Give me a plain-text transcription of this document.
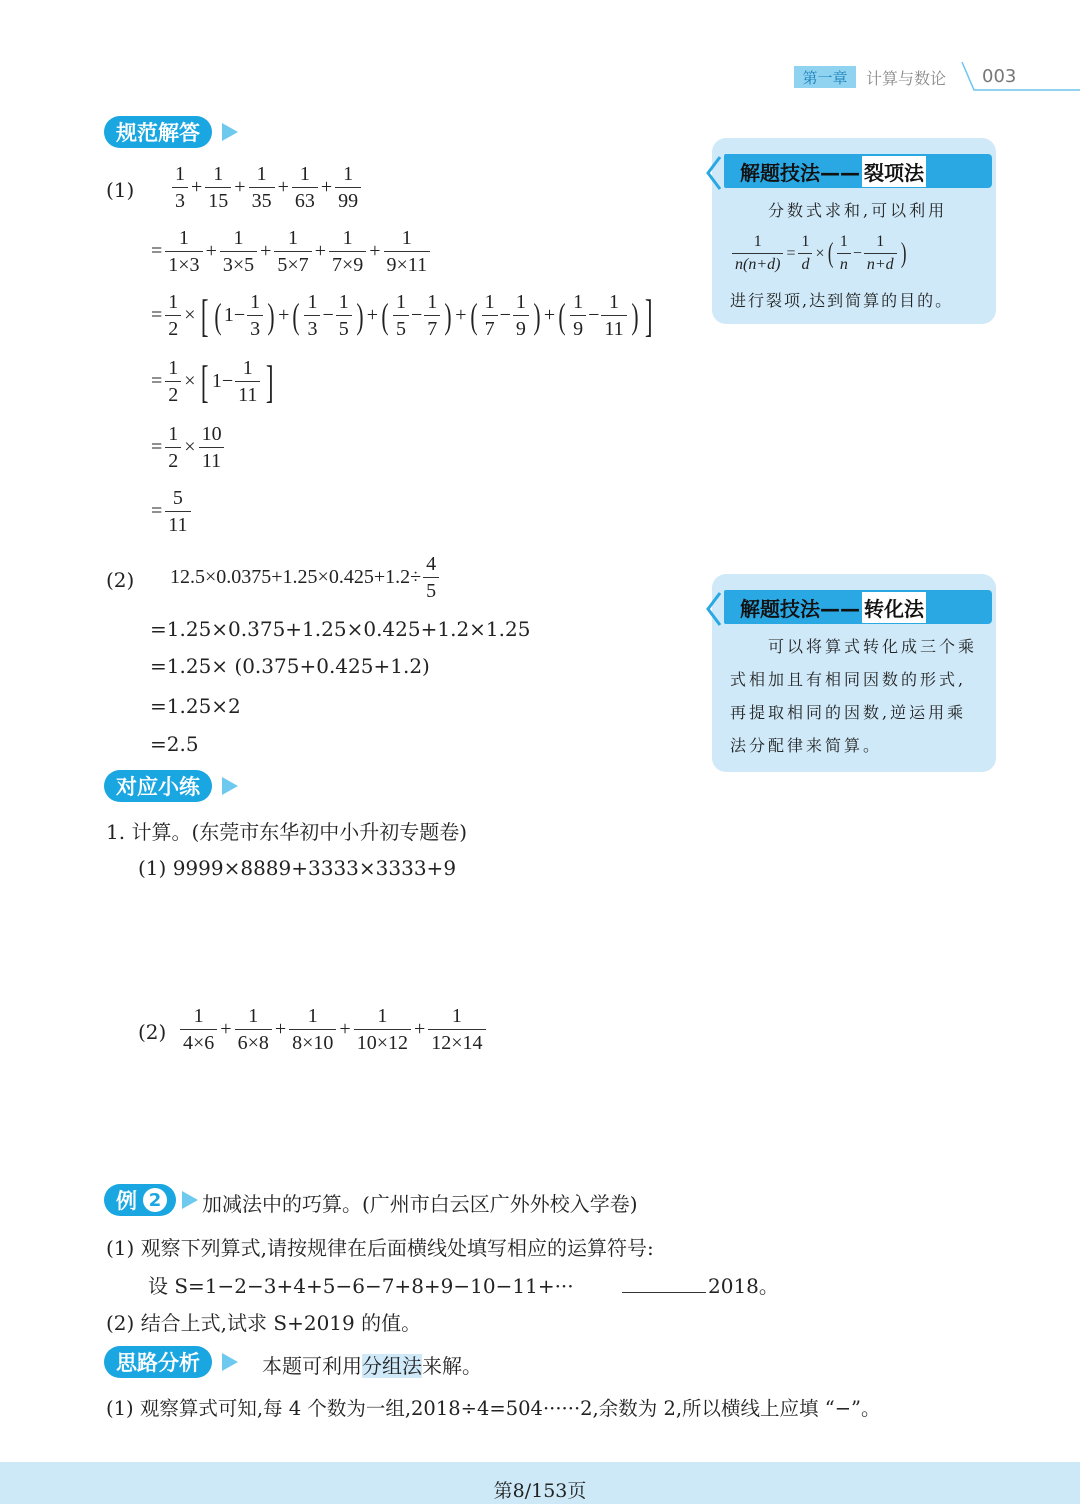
第一章	计算与数论 003
规范解答
$(1) \frac{1}{3} + \frac{1}{15} + \frac{1}{35} + \frac{1}{63} + \frac{1}{99}$
= $\frac{1}{1\times 3} + \frac{1}{3\times 5} + \frac{1}{5\times 7} + \frac{1}{7\times 9} + \frac{1}{9\times 11}$
= $\frac{1}{2}$ × [ ( $1- \frac{1}{3}$ ) + ( $\frac{1}{3} - \frac{1}{5}$ ) + ( $\frac{1}{5} - \frac{1}{7}$ ) + ( $\frac{1}{7} - \frac{1}{9}$ ) + ( $\frac{1}{9} - \frac{1}{11}$ ) ]
= $\frac{1}{2}$ × [ $1- \frac{1}{11}$ ]
= $\frac{1}{2} \times \frac{10}{11}$
= $\frac{5}{11}$
解题技法—— 裂项法
分数式求和,可以利用
$\frac{1}{n(n+d)} = \frac{1}{d}$ × ( $\frac{1}{n} - \frac{1}{n+d}$ )
进行裂项,达到简算的目的。
(2) $12.5\times 0.0375+1.25\times 0.425+1.2\div \frac{4}{5}$
=1.25×0.375+1.25×0.425+1.2×1.25
=1.25× (0.375+0.425+1.2)
=1.25×2
=2.5
解题技法—— 转化法
可以将算式转化成三个乘
式相加且有相同因数的形式,
再提取相同的因数,逆运用乘
法分配律来简算。
对应小练
1. 计算。(东莞市东华初中小升初专题卷)
(1) 9999×8889+3333×3333+9
$(2) \frac{1}{4\times 6} + \frac{1}{6\times 8} + \frac{1}{8\times 10} + \frac{1}{10\times 12} + \frac{1}{12\times 14}$
例 2 加减法中的巧算。(广州市白云区广外外校入学卷)
(1) 观察下列算式,请按规律在后面横线处填写相应的运算符号:
设 S=1−2−3+4+5−6−7+8+9−10−11+···	2018。
(2) 结合上式,试求 S+2019 的值。
思路分析	本题可利用分组法来解。
(1) 观察算式可知,每 4 个数为一组,2018÷4=504······2,余数为 2,所以横线上应填 “−”。
第8/153页
